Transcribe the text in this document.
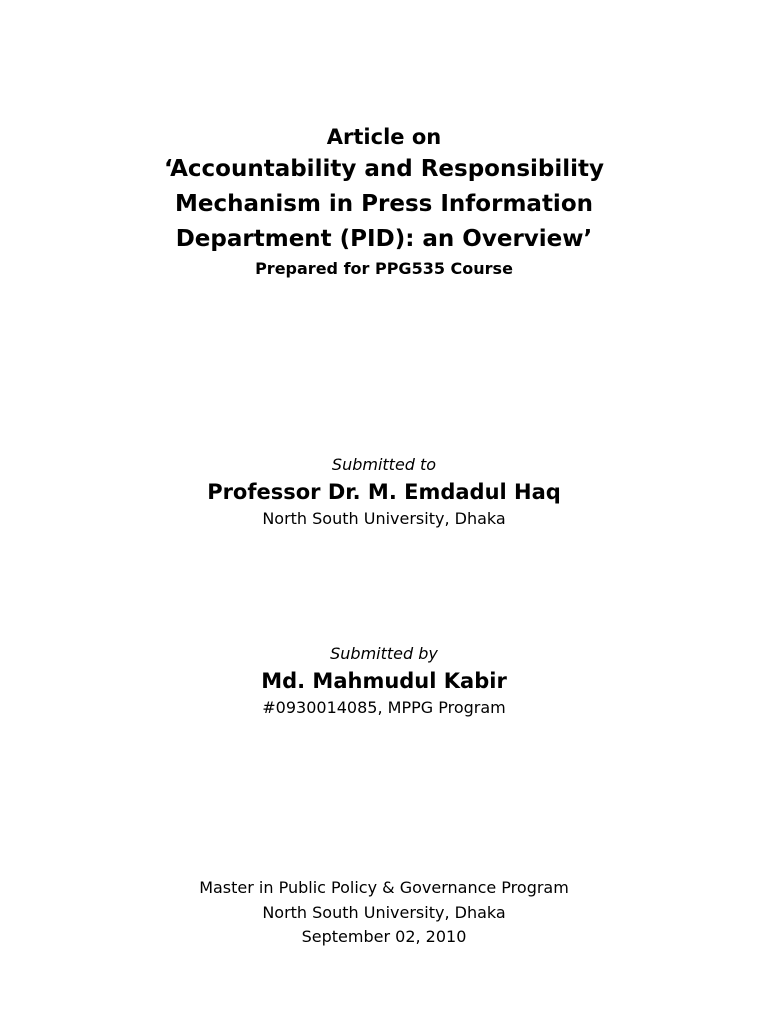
Article on
‘Accountability and Responsibility
Mechanism in Press Information
Department (PID): an Overview’
Prepared for PPG535 Course
Submitted to
Professor Dr. M. Emdadul Haq
North South University, Dhaka
Submitted by
Md. Mahmudul Kabir
#0930014085, MPPG Program
Master in Public Policy & Governance Program
North South University, Dhaka
September 02, 2010
